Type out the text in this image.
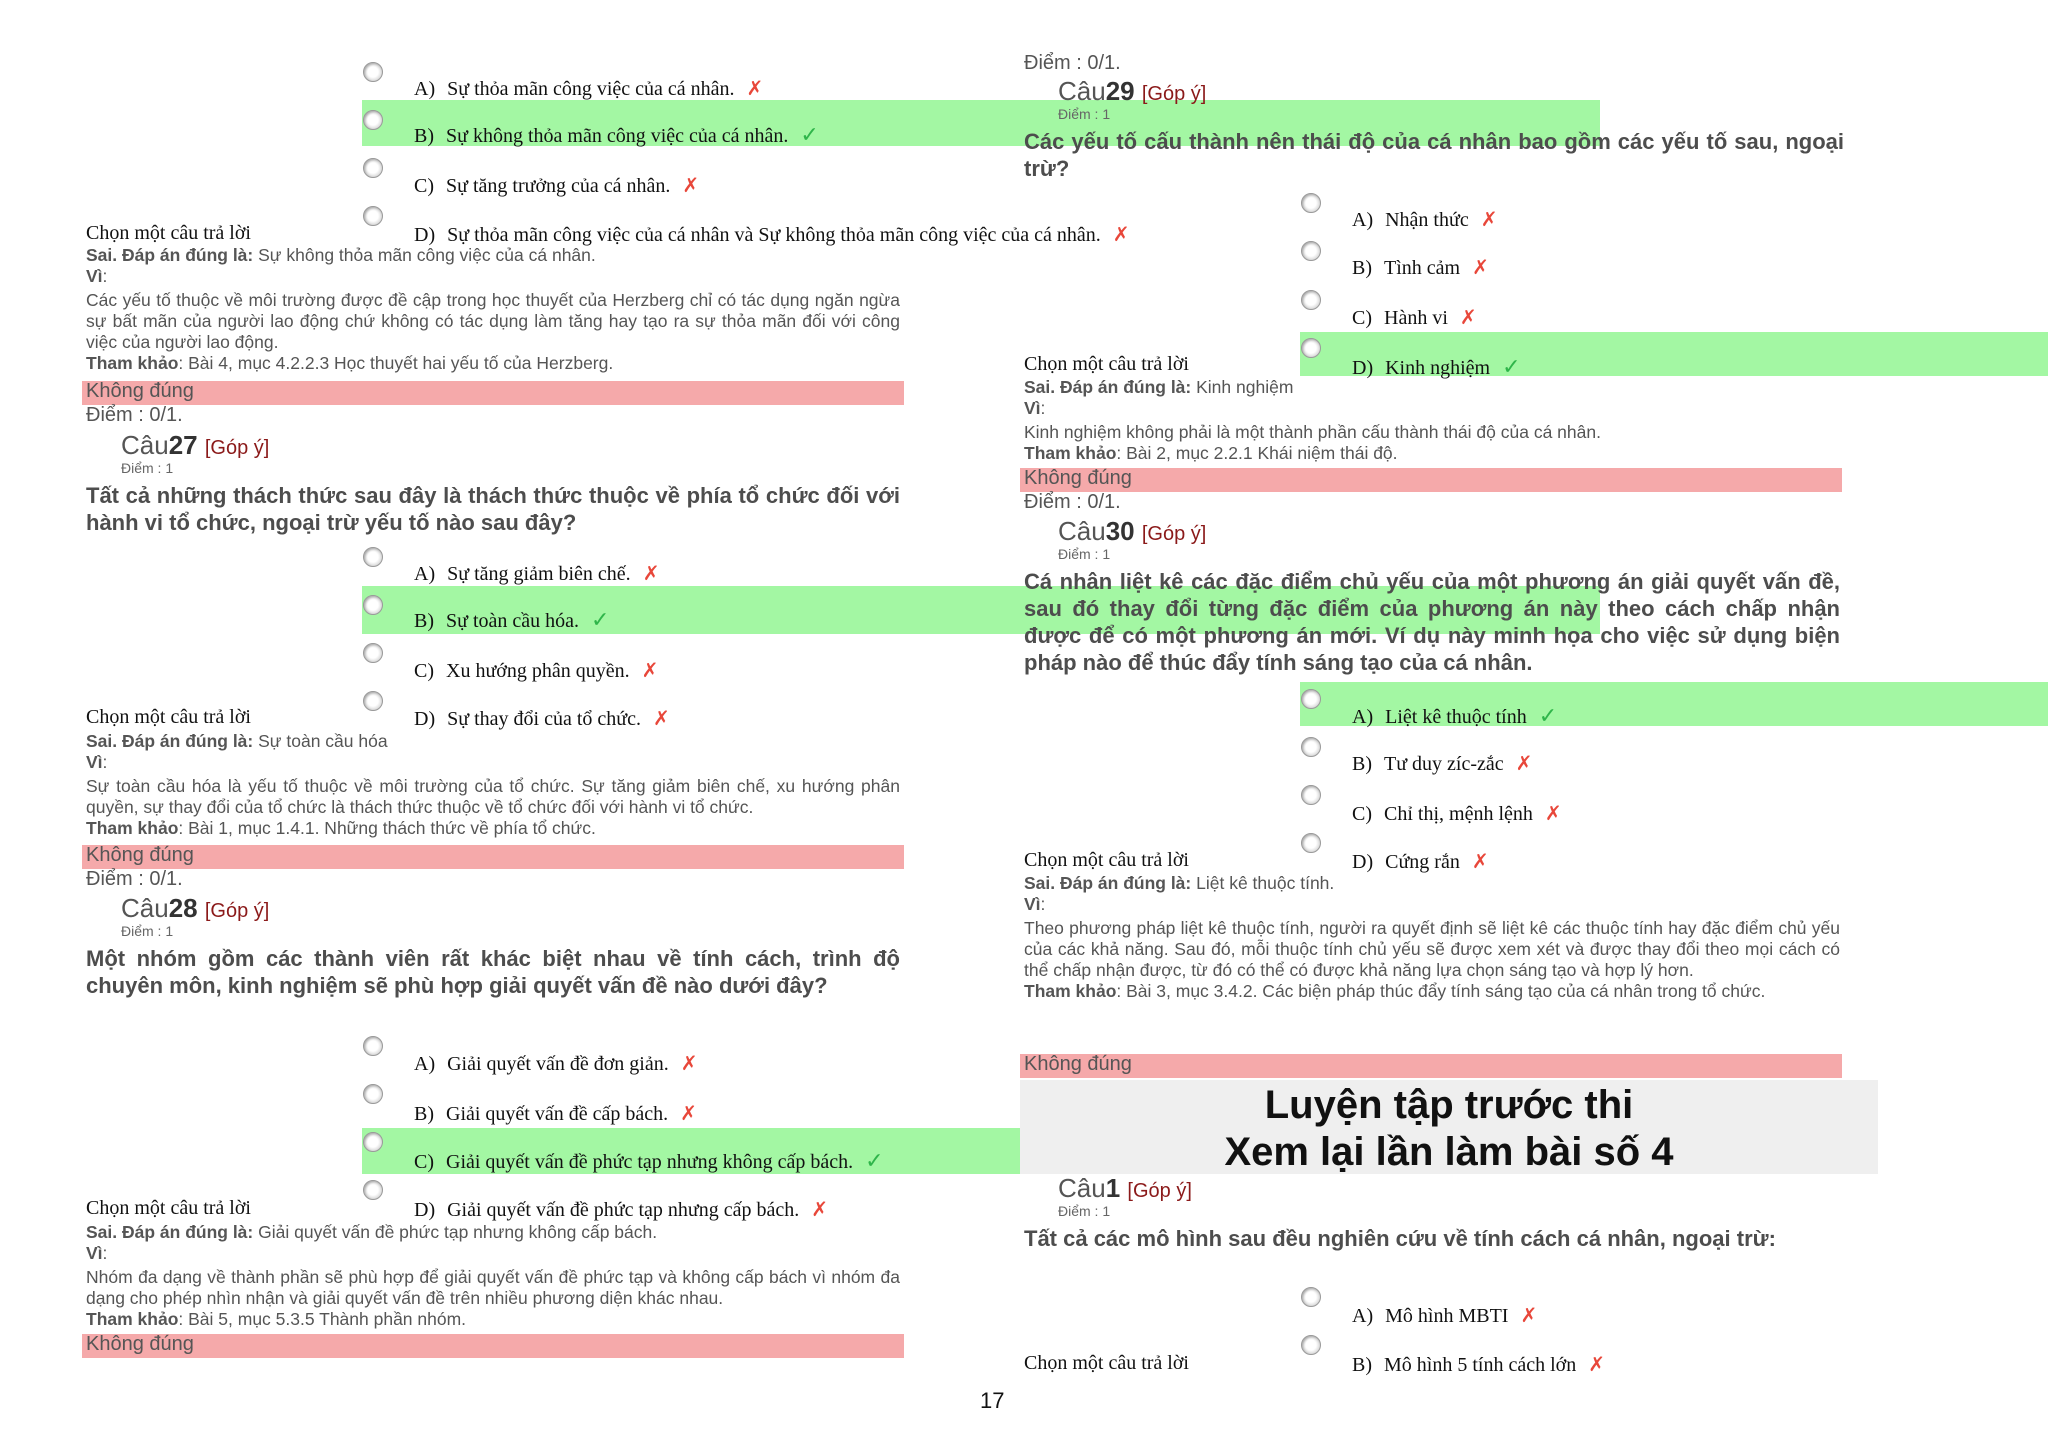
A) Sự thỏa mãn công việc của cá nhân. ✗
B) Sự không thỏa mãn công việc của cá nhân. ✓
C) Sự tăng trưởng của cá nhân. ✗
Chọn một câu trả lời	D) Sự thỏa mãn công việc của cá nhân và Sự không thỏa mãn công việc của cá nhân. ✗
Sai. Đáp án đúng là: Sự không thỏa mãn công việc của cá nhân.
Vì:
Các yếu tố thuộc về môi trường được đề cập trong học thuyết của Herzberg chỉ có tác dụng ngăn ngừa sự bất mãn của người lao động chứ không có tác dụng làm tăng hay tạo ra sự thỏa mãn đối với công việc của người lao động.
Tham khảo: Bài 4, mục 4.2.2.3 Học thuyết hai yếu tố của Herzberg.
Không đúng
Điểm : 0/1.
Câu27 [Góp ý]
Điểm : 1
Tất cả những thách thức sau đây là thách thức thuộc về phía tổ chức đối với hành vi tổ chức, ngoại trừ yếu tố nào sau đây?
A) Sự tăng giảm biên chế. ✗
B) Sự toàn cầu hóa. ✓
C) Xu hướng phân quyền. ✗
Chọn một câu trả lời	D) Sự thay đổi của tổ chức. ✗
Sai. Đáp án đúng là: Sự toàn cầu hóa
Vì:
Sự toàn cầu hóa là yếu tố thuộc về môi trường của tổ chức. Sự tăng giảm biên chế, xu hướng phân quyền, sự thay đổi của tổ chức là thách thức thuộc về tổ chức đối với hành vi tổ chức.
Tham khảo: Bài 1, mục 1.4.1. Những thách thức về phía tổ chức.
Không đúng
Điểm : 0/1.
Câu28 [Góp ý]
Điểm : 1
Một nhóm gồm các thành viên rất khác biệt nhau về tính cách, trình độ chuyên môn, kinh nghiệm sẽ phù hợp giải quyết vấn đề nào dưới đây?
A) Giải quyết vấn đề đơn giản. ✗
B) Giải quyết vấn đề cấp bách. ✗
C) Giải quyết vấn đề phức tạp nhưng không cấp bách. ✓
Chọn một câu trả lời	D) Giải quyết vấn đề phức tạp nhưng cấp bách. ✗
Sai. Đáp án đúng là: Giải quyết vấn đề phức tạp nhưng không cấp bách.
Vì:
Nhóm đa dạng về thành phần sẽ phù hợp để giải quyết vấn đề phức tạp và không cấp bách vì nhóm đa dạng cho phép nhìn nhận và giải quyết vấn đề trên nhiều phương diện khác nhau.
Tham khảo: Bài 5, mục 5.3.5 Thành phần nhóm.
Không đúng
Điểm : 0/1.
Câu29 [Góp ý]
Điểm : 1
Các yếu tố cấu thành nên thái độ của cá nhân bao gồm các yếu tố sau, ngoại trừ?
A) Nhận thức ✗
B) Tình cảm ✗
C) Hành vi ✗
Chọn một câu trả lời	D) Kinh nghiệm ✓
Sai. Đáp án đúng là: Kinh nghiệm
Vì:
Kinh nghiệm không phải là một thành phần cấu thành thái độ của cá nhân.
Tham khảo: Bài 2, mục 2.2.1 Khái niệm thái độ.
Không đúng
Điểm : 0/1.
Câu30 [Góp ý]
Điểm : 1
Cá nhân liệt kê các đặc điểm chủ yếu của một phương án giải quyết vấn đề, sau đó thay đổi từng đặc điểm của phương án này theo cách chấp nhận được để có một phương án mới. Ví dụ này minh họa cho việc sử dụng biện pháp nào để thúc đẩy tính sáng tạo của cá nhân.
A) Liệt kê thuộc tính ✓
B) Tư duy zíc-zắc ✗
C) Chỉ thị, mệnh lệnh ✗
Chọn một câu trả lời	D) Cứng rắn ✗
Sai. Đáp án đúng là: Liệt kê thuộc tính.
Vì:
Theo phương pháp liệt kê thuộc tính, người ra quyết định sẽ liệt kê các thuộc tính hay đặc điểm chủ yếu của các khả năng. Sau đó, mỗi thuộc tính chủ yếu sẽ được xem xét và được thay đổi theo mọi cách có thể chấp nhận được, từ đó có thể có được khả năng lựa chọn sáng tạo và hợp lý hơn.
Tham khảo: Bài 3, mục 3.4.2. Các biện pháp thúc đẩy tính sáng tạo của cá nhân trong tổ chức.
Không đúng
Luyện tập trước thi
Xem lại lần làm bài số 4
Câu1 [Góp ý]
Điểm : 1
Tất cả các mô hình sau đều nghiên cứu về tính cách cá nhân, ngoại trừ:
A) Mô hình MBTI ✗
Chọn một câu trả lời	B) Mô hình 5 tính cách lớn ✗
17
